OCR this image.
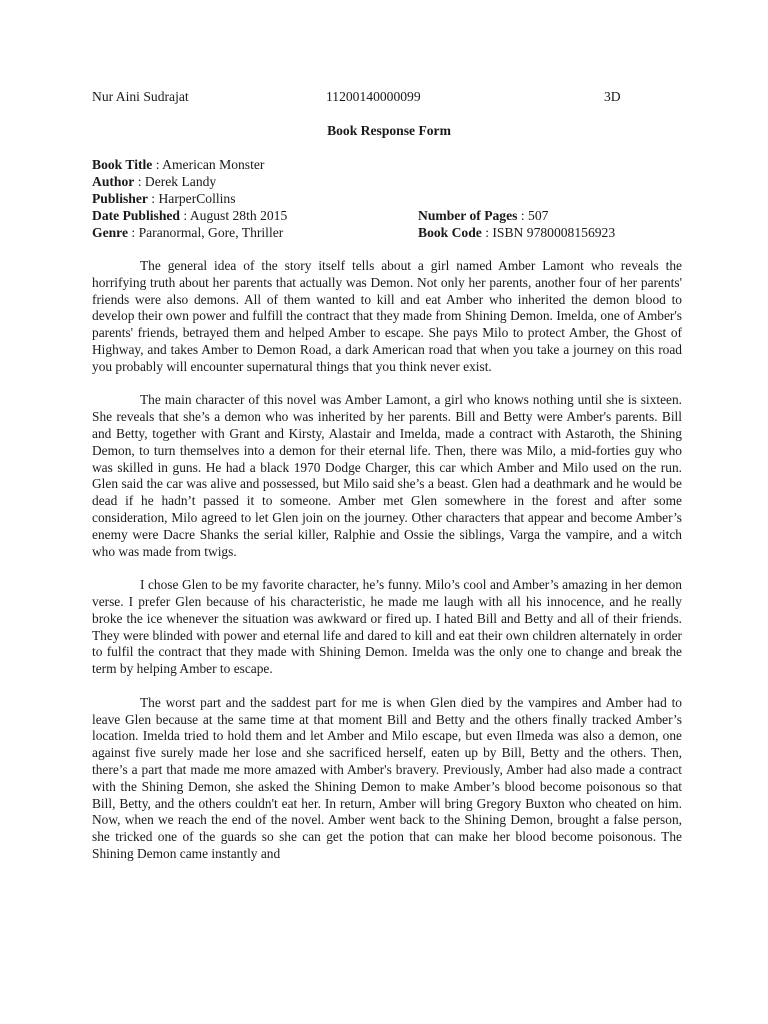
Nur Aini Sudrajat	11200140000099	3D
Book Response Form
Book Title : American Monster
Author : Derek Landy
Publisher : HarperCollins
Date Published : August 28th 2015	Number of Pages : 507
Genre : Paranormal, Gore, Thriller	Book Code : ISBN 9780008156923

The general idea of the story itself tells about a girl named Amber Lamont who reveals the horrifying truth about her parents that actually was Demon. Not only her parents, another four of her parents' friends were also demons. All of them wanted to kill and eat Amber who inherited the demon blood to develop their own power and fulfill the contract that they made from Shining Demon. Imelda, one of Amber's parents' friends, betrayed them and helped Amber to escape. She pays Milo to protect Amber, the Ghost of Highway, and takes Amber to Demon Road, a dark American road that when you take a journey on this road you probably will encounter supernatural things that you think never exist.

The main character of this novel was Amber Lamont, a girl who knows nothing until she is sixteen. She reveals that she’s a demon who was inherited by her parents. Bill and Betty were Amber's parents. Bill and Betty, together with Grant and Kirsty, Alastair and Imelda, made a contract with Astaroth, the Shining Demon, to turn themselves into a demon for their eternal life. Then, there was Milo, a mid-forties guy who was skilled in guns. He had a black 1970 Dodge Charger, this car which Amber and Milo used on the run. Glen said the car was alive and possessed, but Milo said she’s a beast. Glen had a deathmark and he would be dead if he hadn’t passed it to someone. Amber met Glen somewhere in the forest and after some consideration, Milo agreed to let Glen join on the journey. Other characters that appear and become Amber’s enemy were Dacre Shanks the serial killer, Ralphie and Ossie the siblings, Varga the vampire, and a witch who was made from twigs.

I chose Glen to be my favorite character, he’s funny. Milo’s cool and Amber’s amazing in her demon verse. I prefer Glen because of his characteristic, he made me laugh with all his innocence, and he really broke the ice whenever the situation was awkward or fired up. I hated Bill and Betty and all of their friends. They were blinded with power and eternal life and dared to kill and eat their own children alternately in order to fulfil the contract that they made with Shining Demon. Imelda was the only one to change and break the term by helping Amber to escape.

The worst part and the saddest part for me is when Glen died by the vampires and Amber had to leave Glen because at the same time at that moment Bill and Betty and the others finally tracked Amber’s location. Imelda tried to hold them and let Amber and Milo escape, but even Ilmeda was also a demon, one against five surely made her lose and she sacrificed herself, eaten up by Bill, Betty and the others. Then, there’s a part that made me more amazed with Amber's bravery. Previously, Amber had also made a contract with the Shining Demon, she asked the Shining Demon to make Amber’s blood become poisonous so that Bill, Betty, and the others couldn't eat her. In return, Amber will bring Gregory Buxton who cheated on him. Now, when we reach the end of the novel. Amber went back to the Shining Demon, brought a false person, she tricked one of the guards so she can get the potion that can make her blood become poisonous. The Shining Demon came instantly and
